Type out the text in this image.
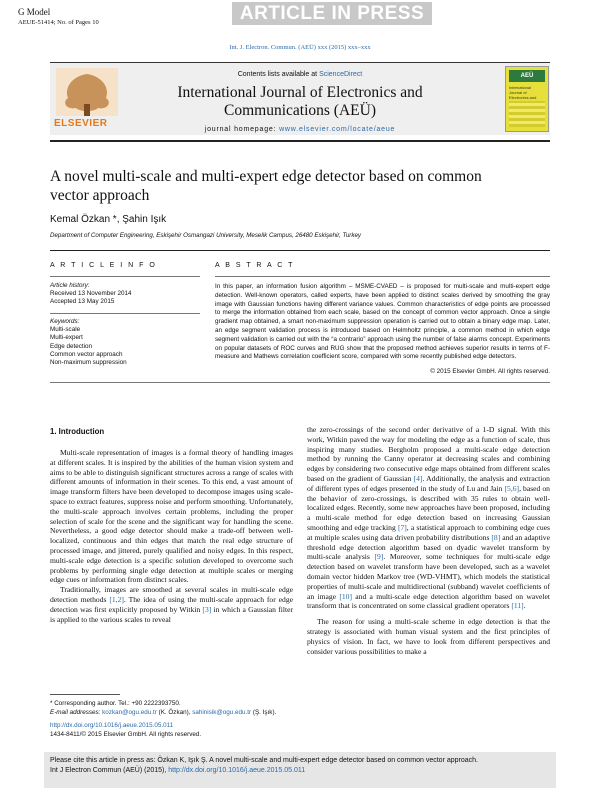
G Model
AEUE-51414; No. of Pages 10	ARTICLE IN PRESS
Int. J. Electron. Commun. (AEÜ) xxx (2015) xxx–xxx
ELSEVIER
Contents lists available at ScienceDirect
International Journal of Electronics and
Communications (AEÜ)
journal homepage: www.elsevier.com/locate/aeue
AEÜ
International Journal of Electronics and
A novel multi-scale and multi-expert edge detector based on common
vector approach
Kemal Özkan *, Şahin Işık
Department of Computer Engineering, Eskişehir Osmangazi University, Meselik Campus, 26480 Eskişehir, Turkey
A R T I C L E I N F O
Article history:
Received 13 November 2014
Accepted 13 May 2015
Keywords:
Multi-scale
Multi-expert
Edge detection
Common vector approach
Non-maximum suppression
A B S T R A C T
In this paper, an information fusion algorithm – MSME-CVAED – is proposed for multi-scale and multi-expert edge detection. Well-known operators, called experts, have been applied to distinct scales derived by smoothing the gray image with Gaussian functions having different variance values. Common characteristics of edge points are processed to merge the information obtained from each scale, based on the concept of common vector approach. Once a single gradient map obtained, a smart non-maximum suppression operation is carried out to obtain a binary edge map. Later, an edge segment validation process is introduced based on Helmholtz principle, a common method in which edge segment validation is carried out with the “a contrario” approach using the number of false alarms concept. Experiments on popular datasets of ROC curves and RUG show that the proposed method achieves superior results in terms of F-measure and Mathews correlation coefficient score, compared with some recently published edge detectors.
© 2015 Elsevier GmbH. All rights reserved.
1. Introduction

Multi-scale representation of images is a formal theory of handling images at different scales. It is inspired by the abilities of the human vision system and aims to be able to distinguish significant structures across a range of scales with different amounts of information in their scenes. To this end, a vast amount of image transform filters have been developed to decompose images using scale-space to extract features, suppress noise and perform smoothing. Unfortunately, the multi-scale approach involves certain problems, including the proper selection of scale for the scene and the significant way for handling the scene. Nevertheless, a good edge detector should make a trade-off between well-localized, continuous and thin edges that match the real edge structure of processed image, and jittered, purely qualified and noisy edges. In this respect, multi-scale edge detection is a specific solution developed to overcome such problems by performing single edge detection at multiple scales or merging edge cues or information from distinct scales.

Traditionally, images are smoothed at several scales in multi-scale edge detection methods [1,2]. The idea of using the multi-scale approach for edge detection was first explicitly proposed by Witkin [3] in which a Gaussian filter is applied to the various scales to reveal

the zero-crossings of the second order derivative of a 1-D signal. With this work, Witkin paved the way for modeling the edge as a function of scale, thus inspiring many studies. Bergholm proposed a multi-scale edge detection method by running the Canny operator at decreasing scales and combining edges by considering two consecutive edge maps obtained from different scales based on the gradient of Gaussian [4]. Additionally, the analysis and extraction of different types of edges presented in the study of Lu and Jain [5,6], based on the behavior of zero-crossings, is described with 35 rules to obtain well-localized edges. Recently, some new approaches have been proposed, including a multi-scale method for edge detection based on increasing Gaussian smoothing and edge tracking [7], a statistical approach to combining edge cues at multiple scales using data driven probability distributions [8] and an adaptive threshold edge detection algorithm based on dyadic wavelet transform by multi-scale analysis [9]. Moreover, some techniques for multi-scale edge detection based on wavelet transform have been developed, such as a wavelet domain vector hidden Markov tree (WD-VHMT), which models the statistical properties of multi-scale and multidirectional (subband) wavelet coefficients of an image [10] and a multi-scale edge detection algorithm based on wavelet transform that is concentrated on some classical gradient operators [11].

The reason for using a multi-scale scheme in edge detection is that the strategy is associated with human visual system and the first principles of physics of vision. In fact, we have to look from different perspectives and consider various possibilities to make a

* Corresponding author. Tel.: +90 2222393750.
E-mail addresses: kozkan@ogu.edu.tr (K. Özkan), sahinisik@ogu.edu.tr (Ş. Işık).
http://dx.doi.org/10.1016/j.aeue.2015.05.011
1434-8411/© 2015 Elsevier GmbH. All rights reserved.
Please cite this article in press as: Özkan K, Işık Ş. A novel multi-scale and multi-expert edge detector based on common vector approach.
Int J Electron Commun (AEÜ) (2015), http://dx.doi.org/10.1016/j.aeue.2015.05.011
